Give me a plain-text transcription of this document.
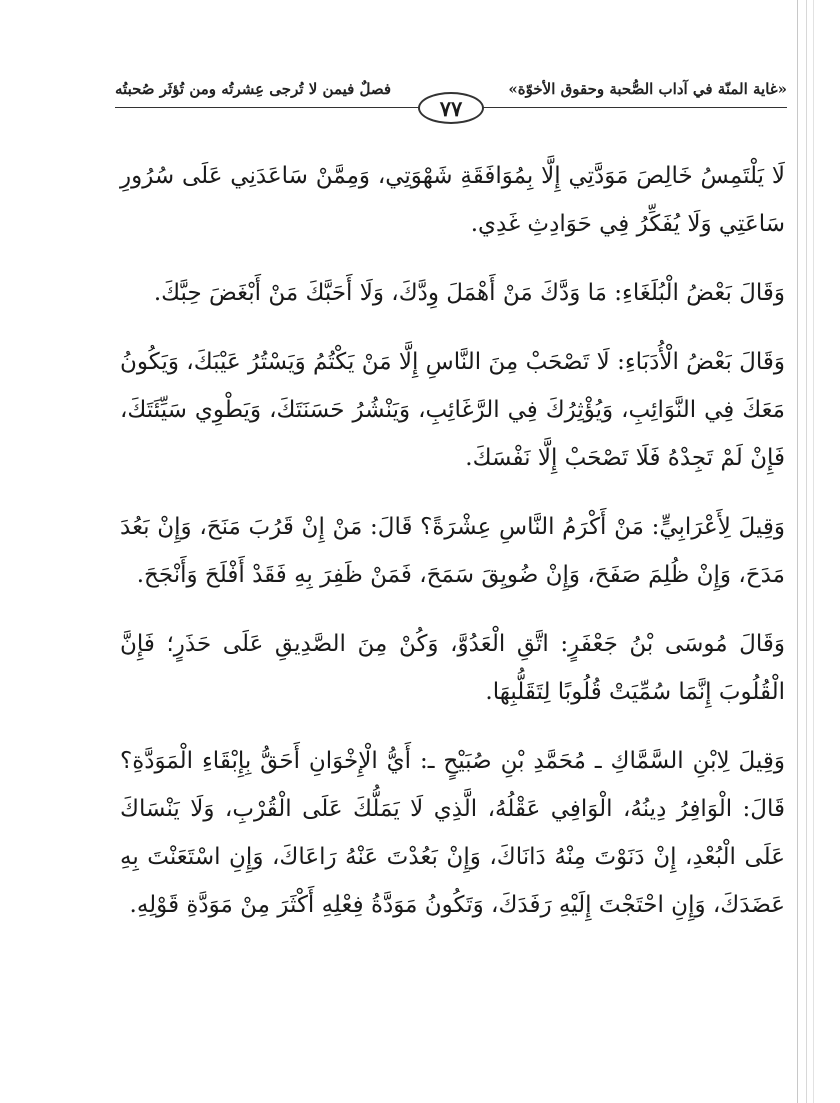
«غاية المنّة في آداب الصُّحبة وحقوق الأخوّة»
فصلٌ فيمن لا تُرجى عِشرتُه ومن تُؤثَر صُحبتُه
٧٧

لَا يَلْتَمِسُ خَالِصَ مَوَدَّتِي إِلَّا بِمُوَافَقَةِ شَهْوَتِي، وَمِمَّنْ سَاعَدَنِي عَلَى سُرُورِ سَاعَتِي وَلَا يُفَكِّرُ فِي حَوَادِثِ غَدِي.

وَقَالَ بَعْضُ الْبُلَغَاءِ: مَا وَدَّكَ مَنْ أَهْمَلَ وِدَّكَ، وَلَا أَحَبَّكَ مَنْ أَبْغَضَ حِبَّكَ.

وَقَالَ بَعْضُ الْأُدَبَاءِ: لَا تَصْحَبْ مِنَ النَّاسِ إِلَّا مَنْ يَكْتُمُ وَيَسْتُرُ عَيْبَكَ، وَيَكُونُ مَعَكَ فِي النَّوَائِبِ، وَيُؤْثِرُكَ فِي الرَّغَائِبِ، وَيَنْشُرُ حَسَنَتَكَ، وَيَطْوِي سَيِّئَتَكَ، فَإِنْ لَمْ تَجِدْهُ فَلَا تَصْحَبْ إِلَّا نَفْسَكَ.

وَقِيلَ لِأَعْرَابِيٍّ: مَنْ أَكْرَمُ النَّاسِ عِشْرَةً؟ قَالَ: مَنْ إِنْ قَرُبَ مَنَحَ، وَإِنْ بَعُدَ مَدَحَ، وَإِنْ ظُلِمَ صَفَحَ، وَإِنْ ضُويِقَ سَمَحَ، فَمَنْ ظَفِرَ بِهِ فَقَدْ أَفْلَحَ وَأَنْجَحَ.

وَقَالَ مُوسَى بْنُ جَعْفَرٍ: اتَّقِ الْعَدُوَّ، وَكُنْ مِنَ الصَّدِيقِ عَلَى حَذَرٍ؛ فَإِنَّ الْقُلُوبَ إِنَّمَا سُمِّيَتْ قُلُوبًا لِتَقَلُّبِهَا.

وَقِيلَ لِابْنِ السَّمَّاكِ ـ مُحَمَّدِ بْنِ صُبَيْحٍ ـ: أَيُّ الْإِخْوَانِ أَحَقُّ بِإِبْقَاءِ الْمَوَدَّةِ؟ قَالَ: الْوَافِرُ دِينُهُ، الْوَافِي عَقْلُهُ، الَّذِي لَا يَمَلُّكَ عَلَى الْقُرْبِ، وَلَا يَنْسَاكَ عَلَى الْبُعْدِ، إِنْ دَنَوْتَ مِنْهُ دَانَاكَ، وَإِنْ بَعُدْتَ عَنْهُ رَاعَاكَ، وَإِنِ اسْتَعَنْتَ بِهِ عَضَدَكَ، وَإِنِ احْتَجْتَ إِلَيْهِ رَفَدَكَ، وَتَكُونُ مَوَدَّةُ فِعْلِهِ أَكْثَرَ مِنْ مَوَدَّةِ قَوْلِهِ.
